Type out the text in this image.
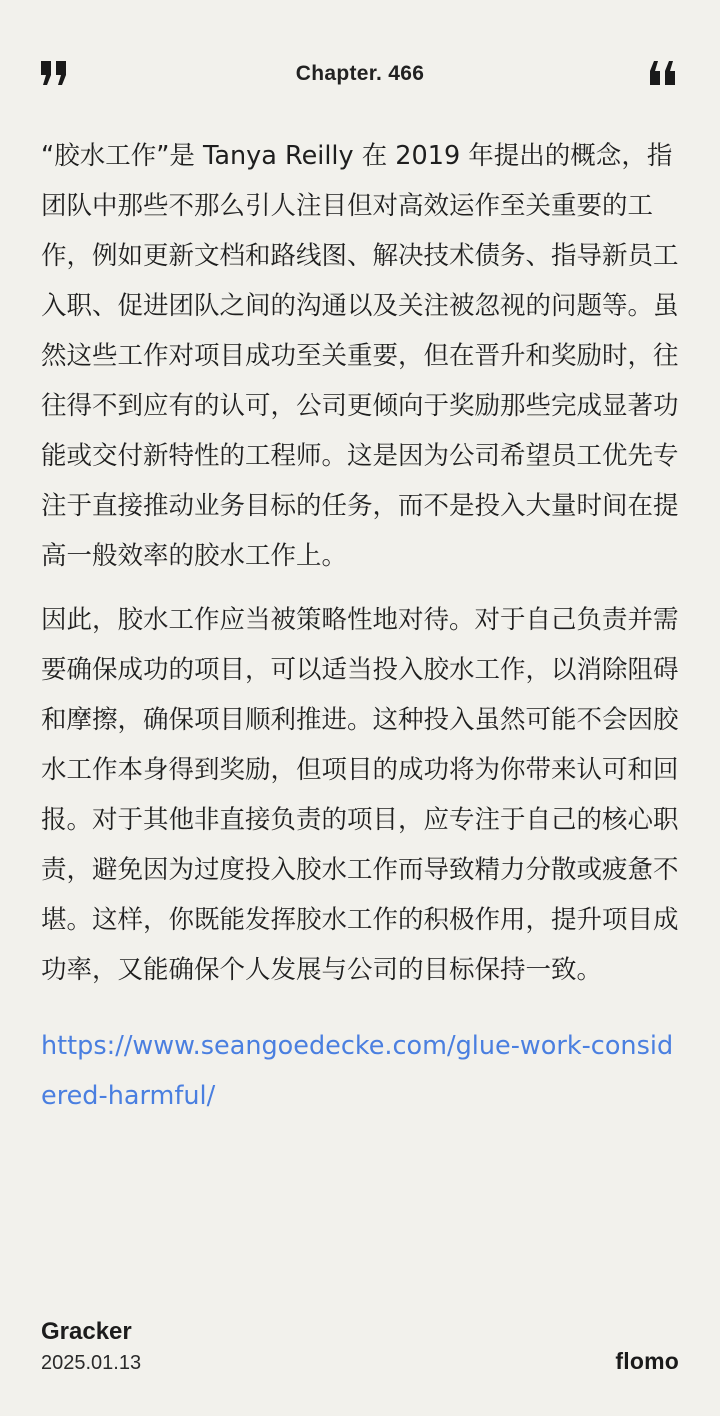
Chapter. 466

“胶水工作”是 Tanya Reilly 在 2019 年提出的概念，指团队中那些不那么引人注目但对高效运作至关重要的工作，例如更新文档和路线图、解决技术债务、指导新员工入职、促进团队之间的沟通以及关注被忽视的问题等。虽然这些工作对项目成功至关重要，但在晋升和奖励时，往往得不到应有的认可，公司更倾向于奖励那些完成显著功能或交付新特性的工程师。这是因为公司希望员工优先专注于直接推动业务目标的任务，而不是投入大量时间在提高一般效率的胶水工作上。

因此，胶水工作应当被策略性地对待。对于自己负责并需要确保成功的项目，可以适当投入胶水工作，以消除阻碍和摩擦，确保项目顺利推进。这种投入虽然可能不会因胶水工作本身得到奖励，但项目的成功将为你带来认可和回报。对于其他非直接负责的项目，应专注于自己的核心职责，避免因为过度投入胶水工作而导致精力分散或疲惫不堪。这样，你既能发挥胶水工作的积极作用，提升项目成功率，又能确保个人发展与公司的目标保持一致。

https://www.seangoedecke.com/glue-work-considered-harmful/
Gracker
2025.01.13	flomo
